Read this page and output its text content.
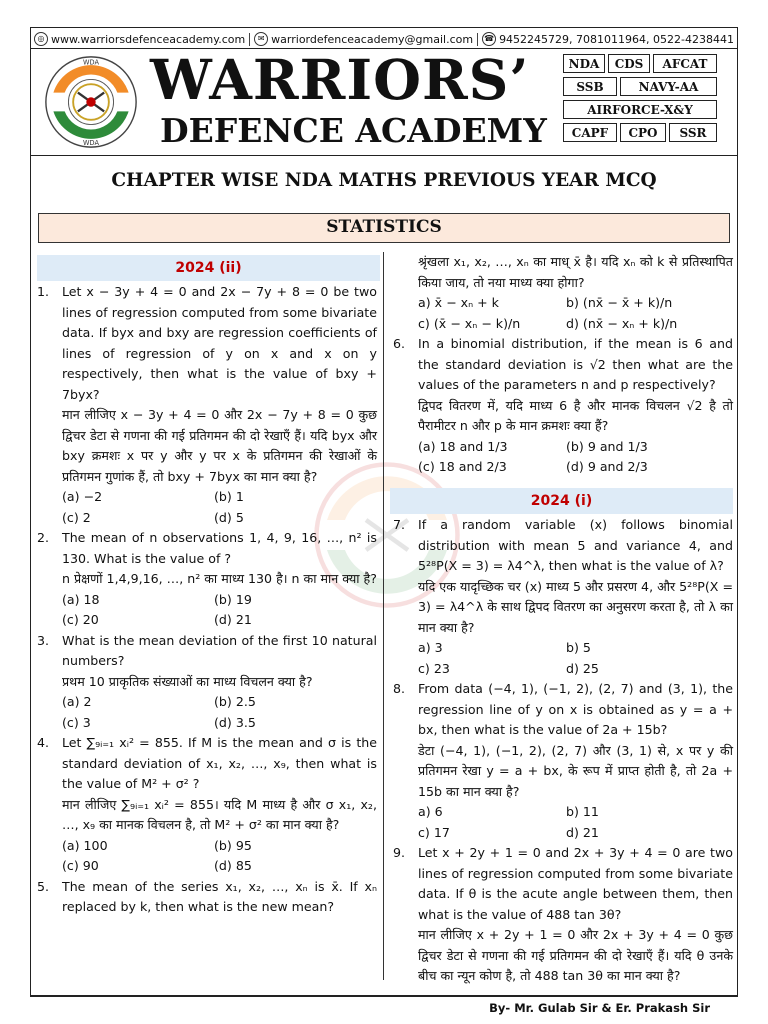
◎ www.warriorsdefenceacademy.com	✉ warriordefenceacademy@gmail.com ☎ 9452245729, 7081011964, 0522-4238441
WDA
WDA
WARRIORS’
DEFENCE ACADEMY
NDA	CDS	AFCAT
SSB	NAVY-AA
AIRFORCE-X&Y
CAPF	CPO	SSR
CHAPTER WISE NDA MATHS PREVIOUS YEAR MCQ
STATISTICS
2024 (ii)
1. Let x − 3y + 4 = 0 and 2x − 7y + 8 = 0 be two lines of regression computed from some bivariate data. If byx and bxy are regression coefficients of lines of regression of y on x and x on y respectively, then what is the value of bxy + 7byx?
मान लीजिए x − 3y + 4 = 0 और 2x − 7y + 8 = 0 कुछ द्विचर डेटा से गणना की गई प्रतिगमन की दो रेखाएँ हैं। यदि byx और bxy क्रमशः x पर y और y पर x के प्रतिगमन की रेखाओं के प्रतिगमन गुणांक हैं, तो bxy + 7byx का मान क्या है?
(a) −2	(b) 1
(c) 2	(d) 5
2. The mean of n observations 1, 4, 9, 16, …, n² is 130. What is the value of ?
n प्रेक्षणों 1,4,9,16, …, n² का माध्य 130 है। n का मान क्या है?
(a) 18	(b) 19
(c) 20	(d) 21
3. What is the mean deviation of the first 10 natural numbers?
प्रथम 10 प्राकृतिक संख्याओं का माध्य विचलन क्या है?
(a) 2	(b) 2.5
(c) 3	(d) 3.5
4. Let ∑₉ᵢ₌₁ xᵢ² = 855. If M is the mean and σ is the standard deviation of x₁, x₂, …, x₉, then what is the value of M² + σ² ?
मान लीजिए ∑₉ᵢ₌₁ xᵢ² = 855। यदि M माध्य है और σ x₁, x₂, …, x₉ का मानक विचलन है, तो M² + σ² का मान क्या है?
(a) 100	(b) 95
(c) 90	(d) 85
5. The mean of the series x₁, x₂, …, xₙ is x̄. If xₙ replaced by k, then what is the new mean?
श्रृंखला x₁, x₂, …, xₙ का माध् x̄ है। यदि xₙ को k से प्रतिस्थापित किया जाय, तो नया माध्य क्या होगा?
a) x̄ − xₙ + k	b) (nx̄ − x̄ + k)/n
c) (x̄ − xₙ − k)/n	d) (nx̄ − xₙ + k)/n
6. In a binomial distribution, if the mean is 6 and the standard deviation is √2 then what are the values of the parameters n and p respectively?
द्विपद वितरण में, यदि माध्य 6 है और मानक विचलन √2 है तो पैरामीटर n और p के मान क्रमशः क्या हैं?
(a) 18 and 1/3	(b) 9 and 1/3
(c) 18 and 2/3	(d) 9 and 2/3
2024 (i)
7. If a random variable (x) follows binomial distribution with mean 5 and variance 4, and 5²⁸P(X = 3) = λ4^λ, then what is the value of λ?
यदि एक यादृच्छिक चर (x) माध्य 5 और प्रसरण 4, और 5²⁸P(X = 3) = λ4^λ के साथ द्विपद वितरण का अनुसरण करता है, तो λ का मान क्या है?
a) 3	b) 5
c) 23	d) 25
8. From data (−4, 1), (−1, 2), (2, 7) and (3, 1), the regression line of y on x is obtained as y = a + bx, then what is the value of 2a + 15b?
डेटा (−4, 1), (−1, 2), (2, 7) और (3, 1) से, x पर y की प्रतिगमन रेखा y = a + bx, के रूप में प्राप्त होती है, तो 2a + 15b का मान क्या है?
a) 6	b) 11
c) 17	d) 21
9. Let x + 2y + 1 = 0 and 2x + 3y + 4 = 0 are two lines of regression computed from some bivariate data. If θ is the acute angle between them, then what is the value of 488 tan 3θ?
मान लीजिए x + 2y + 1 = 0 और 2x + 3y + 4 = 0 कुछ द्विचर डेटा से गणना की गई प्रतिगमन की दो रेखाएँ हैं। यदि θ उनके बीच का न्यून कोण है, तो 488 tan 3θ का मान क्या है?
By- Mr. Gulab Sir & Er. Prakash Sir
